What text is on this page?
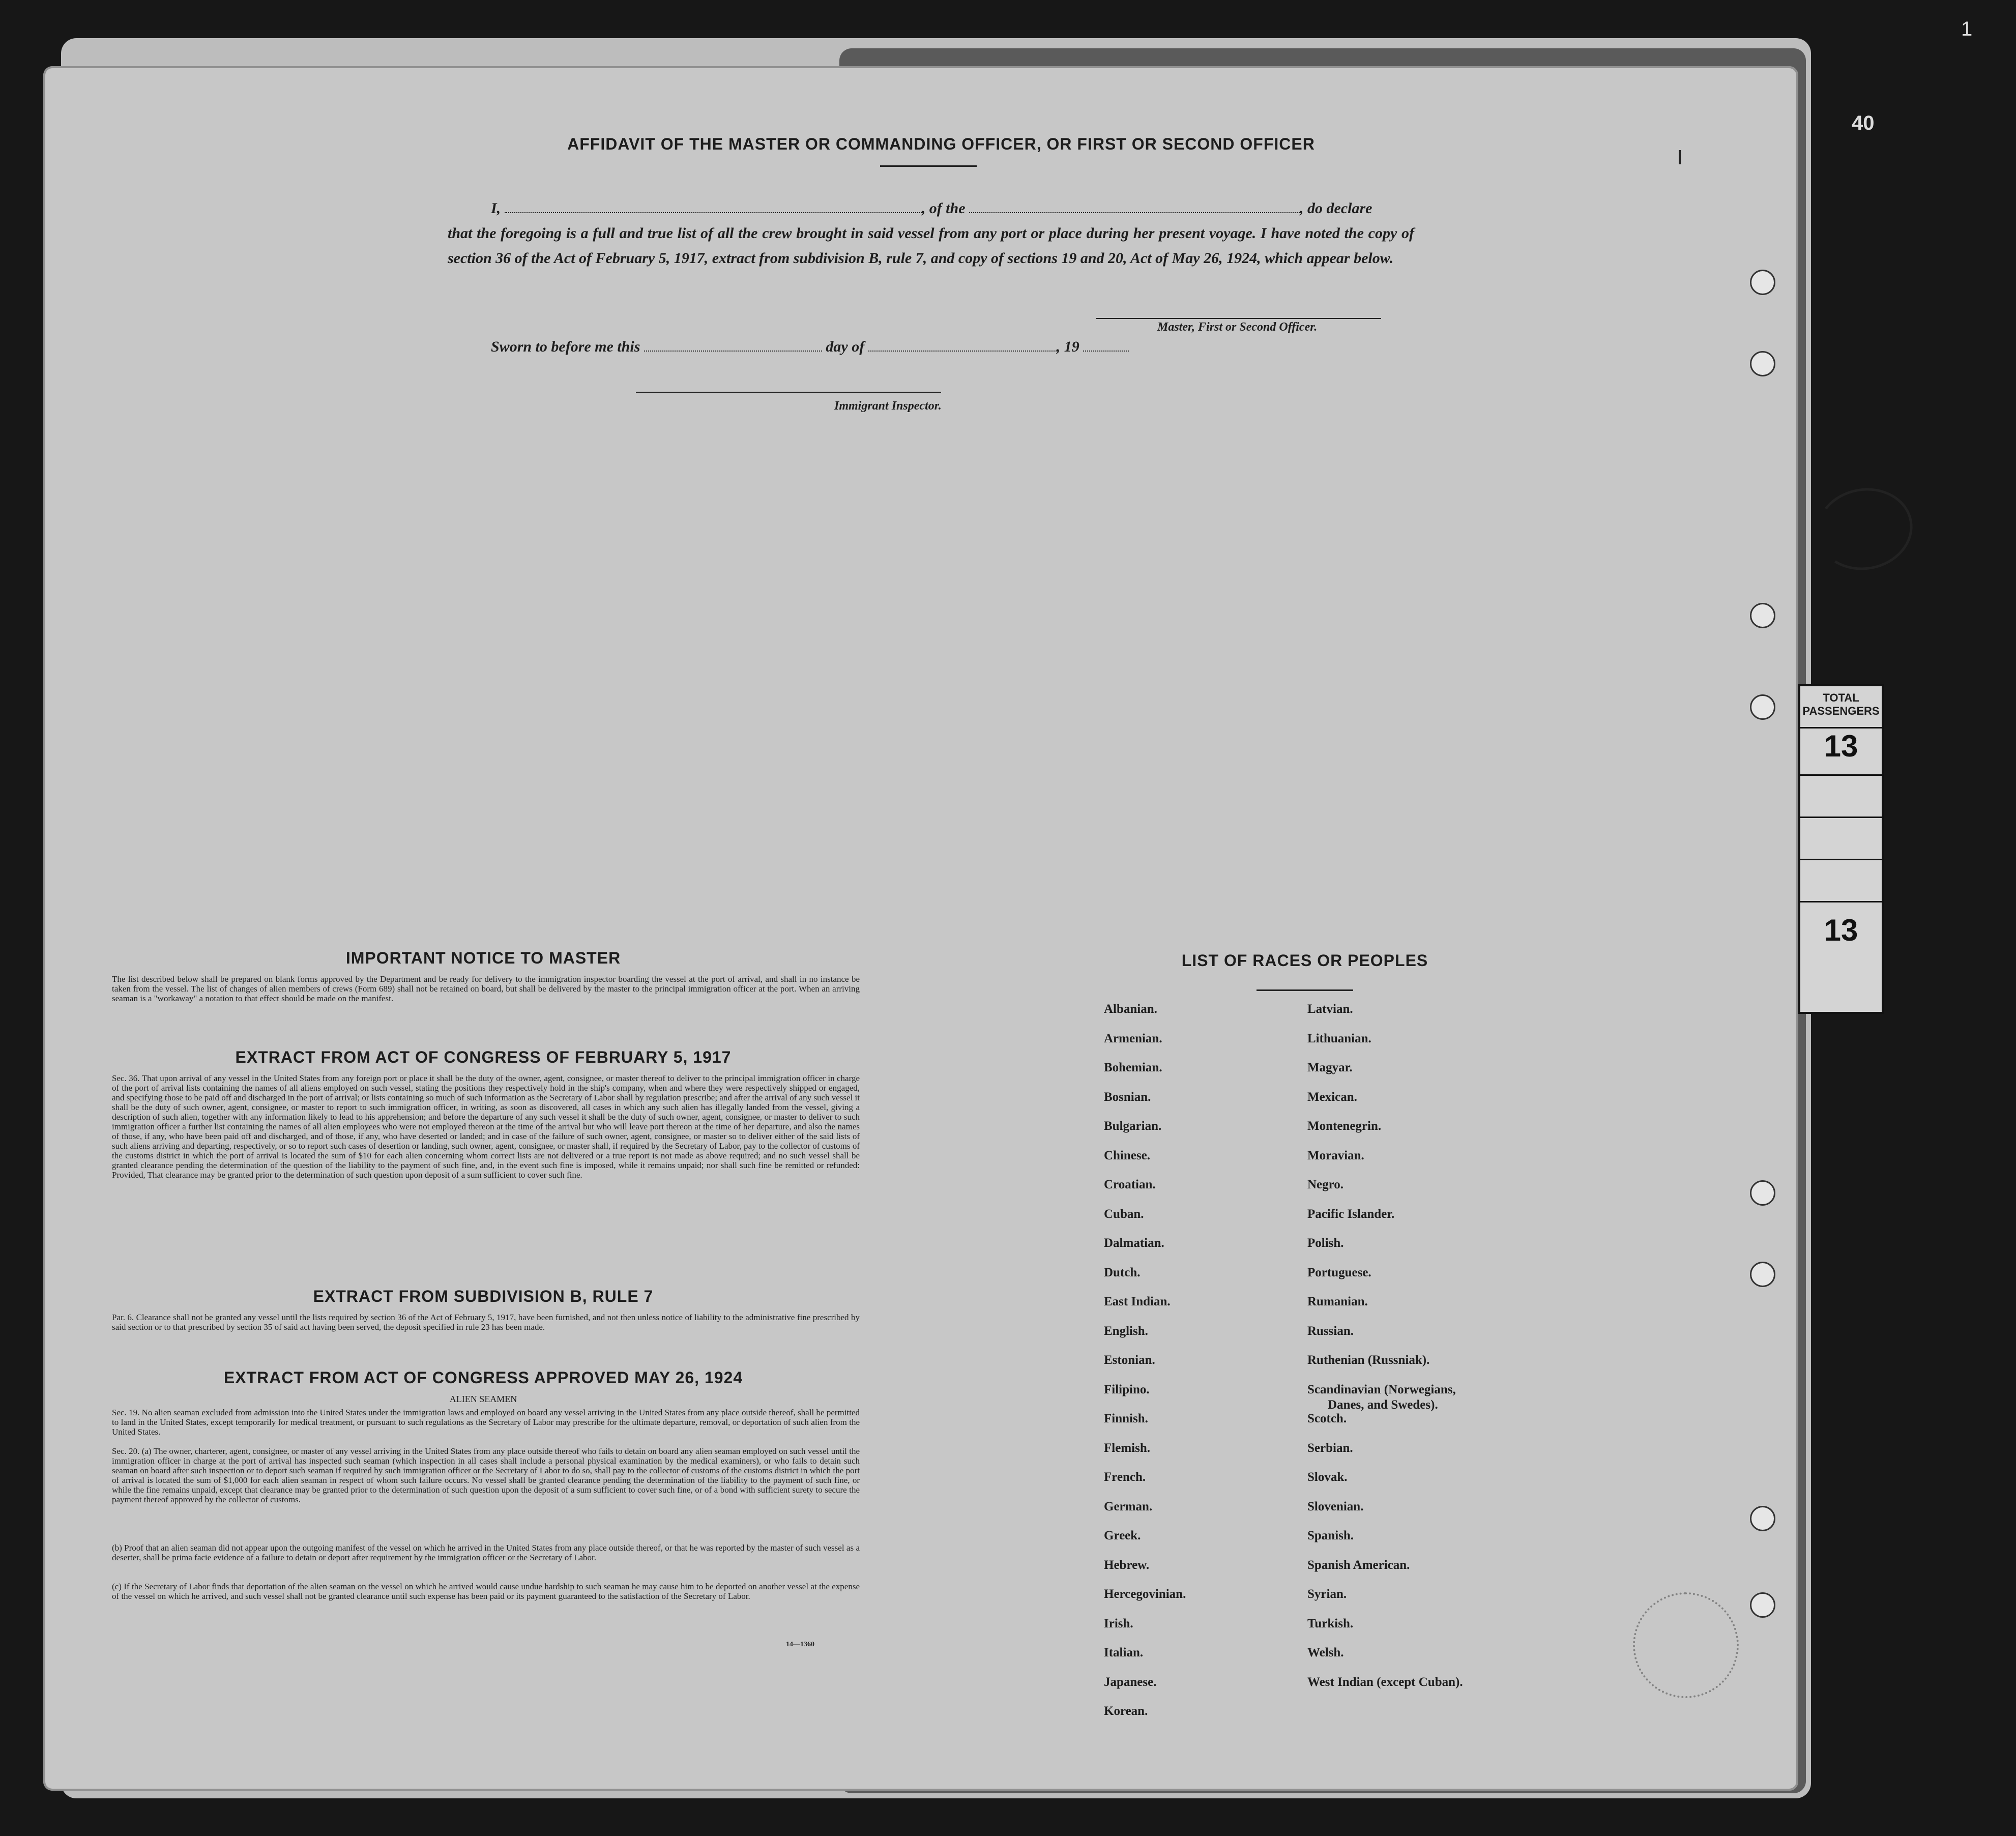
1
40
TOTAL
PASSENGERS
13
13
AFFIDAVIT OF THE MASTER OR COMMANDING OFFICER, OR FIRST OR SECOND OFFICER
I,	, of the	, do declare
that the foregoing is a full and true list of all the crew brought in said vessel from any port or place during her present voyage. I have noted the copy of section 36 of the Act of February 5, 1917, extract from subdivision B, rule 7, and copy of sections 19 and 20, Act of May 26, 1924, which appear below.
Master, First or Second Officer.
Sworn to before me this	day of	, 19
Immigrant Inspector.
IMPORTANT NOTICE TO MASTER
The list described below shall be prepared on blank forms approved by the Department and be ready for delivery to the immigration inspector boarding the vessel at the port of arrival, and shall in no instance be taken from the vessel. The list of changes of alien members of crews (Form 689) shall not be retained on board, but shall be delivered by the master to the principal immigration officer at the port. When an arriving seaman is a "workaway" a notation to that effect should be made on the manifest.
EXTRACT FROM ACT OF CONGRESS OF FEBRUARY 5, 1917
Sec. 36. That upon arrival of any vessel in the United States from any foreign port or place it shall be the duty of the owner, agent, consignee, or master thereof to deliver to the principal immigration officer in charge of the port of arrival lists containing the names of all aliens employed on such vessel, stating the positions they respectively hold in the ship's company, when and where they were respectively shipped or engaged, and specifying those to be paid off and discharged in the port of arrival; or lists containing so much of such information as the Secretary of Labor shall by regulation prescribe; and after the arrival of any such vessel it shall be the duty of such owner, agent, consignee, or master to report to such immigration officer, in writing, as soon as discovered, all cases in which any such alien has illegally landed from the vessel, giving a description of such alien, together with any information likely to lead to his apprehension; and before the departure of any such vessel it shall be the duty of such owner, agent, consignee, or master to deliver to such immigration officer a further list containing the names of all alien employees who were not employed thereon at the time of the arrival but who will leave port thereon at the time of her departure, and also the names of those, if any, who have been paid off and discharged, and of those, if any, who have deserted or landed; and in case of the failure of such owner, agent, consignee, or master so to deliver either of the said lists of such aliens arriving and departing, respectively, or so to report such cases of desertion or landing, such owner, agent, consignee, or master shall, if required by the Secretary of Labor, pay to the collector of customs of the customs district in which the port of arrival is located the sum of $10 for each alien concerning whom correct lists are not delivered or a true report is not made as above required; and no such vessel shall be granted clearance pending the determination of the question of the liability to the payment of such fine, and, in the event such fine is imposed, while it remains unpaid; nor shall such fine be remitted or refunded: Provided, That clearance may be granted prior to the determination of such question upon deposit of a sum sufficient to cover such fine.
EXTRACT FROM SUBDIVISION B, RULE 7
Par. 6. Clearance shall not be granted any vessel until the lists required by section 36 of the Act of February 5, 1917, have been furnished, and not then unless notice of liability to the administrative fine prescribed by said section or to that prescribed by section 35 of said act having been served, the deposit specified in rule 23 has been made.
EXTRACT FROM ACT OF CONGRESS APPROVED MAY 26, 1924
ALIEN SEAMEN
Sec. 19. No alien seaman excluded from admission into the United States under the immigration laws and employed on board any vessel arriving in the United States from any place outside thereof, shall be permitted to land in the United States, except temporarily for medical treatment, or pursuant to such regulations as the Secretary of Labor may prescribe for the ultimate departure, removal, or deportation of such alien from the United States.
Sec. 20. (a) The owner, charterer, agent, consignee, or master of any vessel arriving in the United States from any place outside thereof who fails to detain on board any alien seaman employed on such vessel until the immigration officer in charge at the port of arrival has inspected such seaman (which inspection in all cases shall include a personal physical examination by the medical examiners), or who fails to detain such seaman on board after such inspection or to deport such seaman if required by such immigration officer or the Secretary of Labor to do so, shall pay to the collector of customs of the customs district in which the port of arrival is located the sum of $1,000 for each alien seaman in respect of whom such failure occurs. No vessel shall be granted clearance pending the determination of the liability to the payment of such fine, or while the fine remains unpaid, except that clearance may be granted prior to the determination of such question upon the deposit of a sum sufficient to cover such fine, or of a bond with sufficient surety to secure the payment thereof approved by the collector of customs.
(b) Proof that an alien seaman did not appear upon the outgoing manifest of the vessel on which he arrived in the United States from any place outside thereof, or that he was reported by the master of such vessel as a deserter, shall be prima facie evidence of a failure to detain or deport after requirement by the immigration officer or the Secretary of Labor.
(c) If the Secretary of Labor finds that deportation of the alien seaman on the vessel on which he arrived would cause undue hardship to such seaman he may cause him to be deported on another vessel at the expense of the vessel on which he arrived, and such vessel shall not be granted clearance until such expense has been paid or its payment guaranteed to the satisfaction of the Secretary of Labor.
14—1360
LIST OF RACES OR PEOPLES
Albanian.
Armenian.
Bohemian.
Bosnian.
Bulgarian.
Chinese.
Croatian.
Cuban.
Dalmatian.
Dutch.
East Indian.
English.
Estonian.
Filipino.
Finnish.
Flemish.
French.
German.
Greek.
Hebrew.
Hercegovinian.
Irish.
Italian.
Japanese.
Korean.
Latvian.
Lithuanian.
Magyar.
Mexican.
Montenegrin.
Moravian.
Negro.
Pacific Islander.
Polish.
Portuguese.
Rumanian.
Russian.
Ruthenian (Russniak).
Scandinavian (Norwegians,
Danes, and Swedes).
Scotch.
Serbian.
Slovak.
Slovenian.
Spanish.
Spanish American.
Syrian.
Turkish.
Welsh.
West Indian (except Cuban).
